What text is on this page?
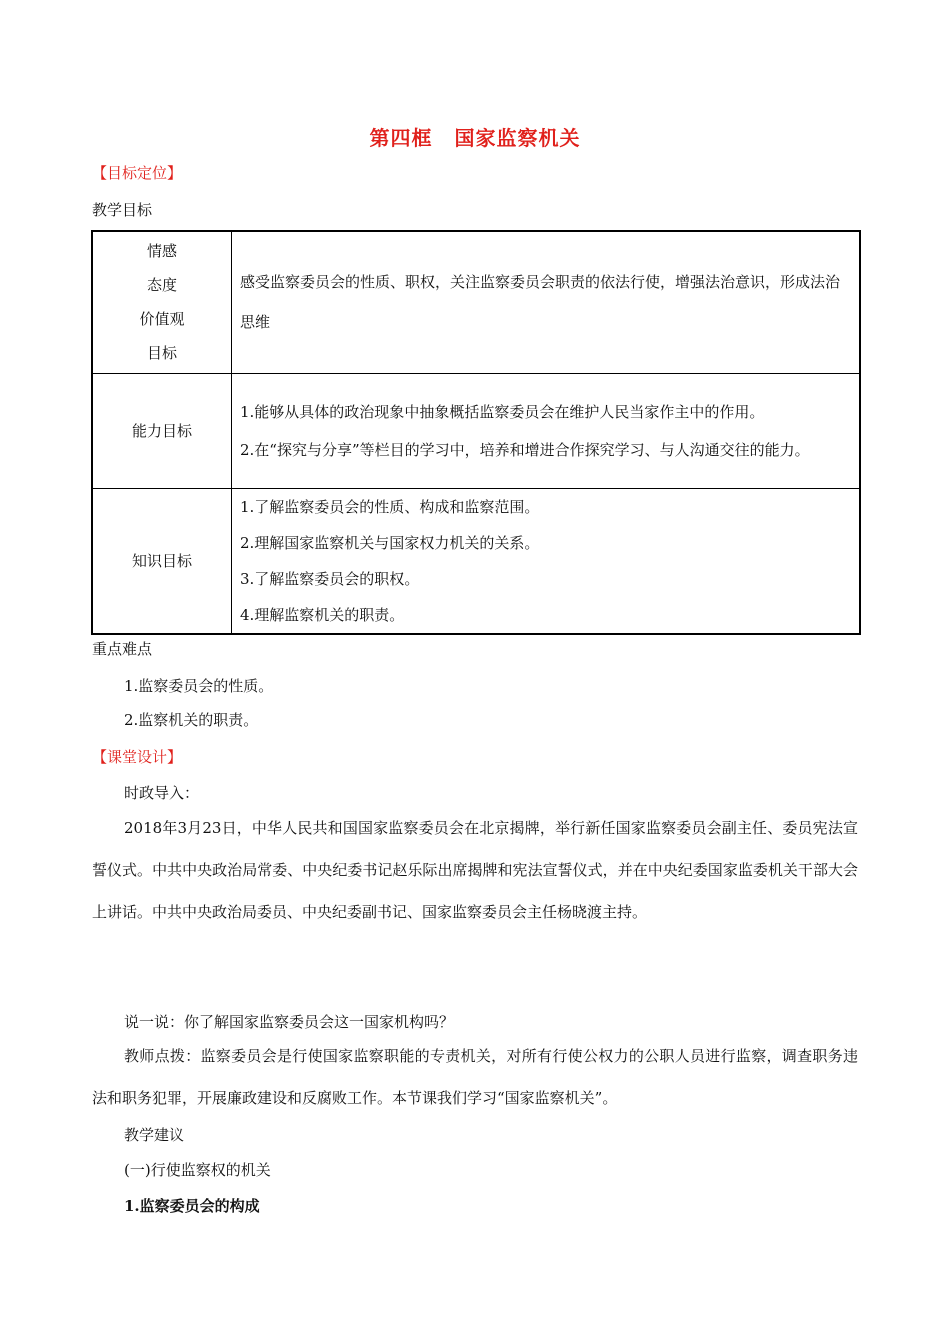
第四框 国家监察机关
【目标定位】
教学目标
情感
态度
价值观
目标	感受监察委员会的性质、职权，关注监察委员会职责的依法行使，增强法治意识，形成法治思维

能力目标	1.能够从具体的政治现象中抽象概括监察委员会在维护人民当家作主中的作用。
2.在“探究与分享”等栏目的学习中，培养和增进合作探究学习、与人沟通交往的能力。

知识目标	1.了解监察委员会的性质、构成和监察范围。
2.理解国家监察机关与国家权力机关的关系。
3.了解监察委员会的职权。
4.理解监察机关的职责。
重点难点
1.监察委员会的性质。
2.监察机关的职责。
【课堂设计】
时政导入：
2018年3月23日，中华人民共和国国家监察委员会在北京揭牌，举行新任国家监察委员会副主任、委员宪法宣誓仪式。中共中央政治局常委、中央纪委书记赵乐际出席揭牌和宪法宣誓仪式，并在中央纪委国家监委机关干部大会上讲话。中共中央政治局委员、中央纪委副书记、国家监察委员会主任杨晓渡主持。
说一说：你了解国家监察委员会这一国家机构吗？
教师点拨：监察委员会是行使国家监察职能的专责机关，对所有行使公权力的公职人员进行监察，调查职务违法和职务犯罪，开展廉政建设和反腐败工作。本节课我们学习“国家监察机关”。
教学建议
(一)行使监察权的机关
1.监察委员会的构成
